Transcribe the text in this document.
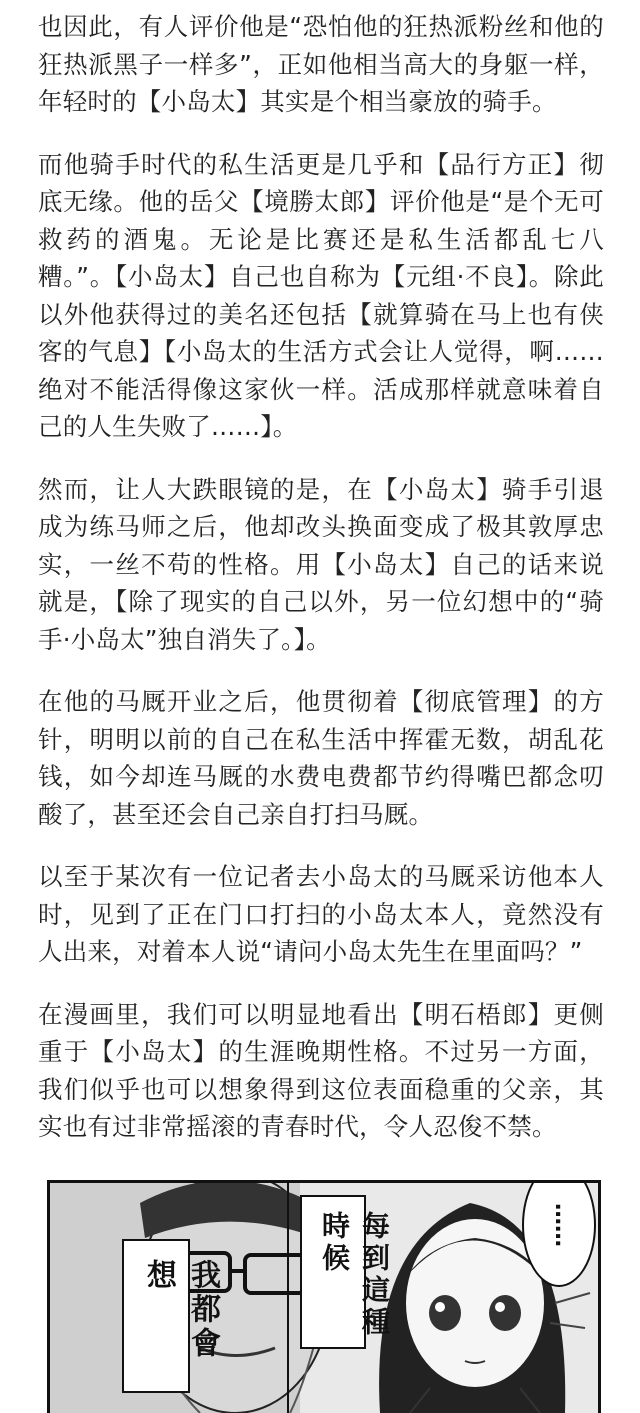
也因此，有人评价他是“恐怕他的狂热派粉丝和他的狂热派黑子一样多”，正如他相当高大的身躯一样，年轻时的【小岛太】其实是个相当豪放的骑手。

而他骑手时代的私生活更是几乎和【品行方正】彻底无缘。他的岳父【境勝太郎】评价他是“是个无可救药的酒鬼。无论是比赛还是私生活都乱七八糟。”。【小岛太】自己也自称为【元组·不良】。除此以外他获得过的美名还包括【就算骑在马上也有侠客的气息】【小岛太的生活方式会让人觉得，啊……绝对不能活得像这家伙一样。活成那样就意味着自己的人生失败了……】。

然而，让人大跌眼镜的是，在【小岛太】骑手引退成为练马师之后，他却改头换面变成了极其敦厚忠实，一丝不苟的性格。用【小岛太】自己的话来说就是，【除了现实的自己以外，另一位幻想中的“骑手·小岛太”独自消失了。】。

在他的马厩开业之后，他贯彻着【彻底管理】的方针，明明以前的自己在私生活中挥霍无数，胡乱花钱，如今却连马厩的水费电费都节约得嘴巴都念叨酸了，甚至还会自己亲自打扫马厩。

以至于某次有一位记者去小岛太的马厩采访他本人时，见到了正在门口打扫的小岛太本人，竟然没有人出来，对着本人说“请问小岛太先生在里面吗？”

在漫画里，我们可以明显地看出【明石梧郎】更侧重于【小岛太】的生涯晚期性格。不过另一方面，我们似乎也可以想象得到这位表面稳重的父亲，其实也有过非常摇滚的青春时代，令人忍俊不禁。

我都會想	每到這種時候	……
